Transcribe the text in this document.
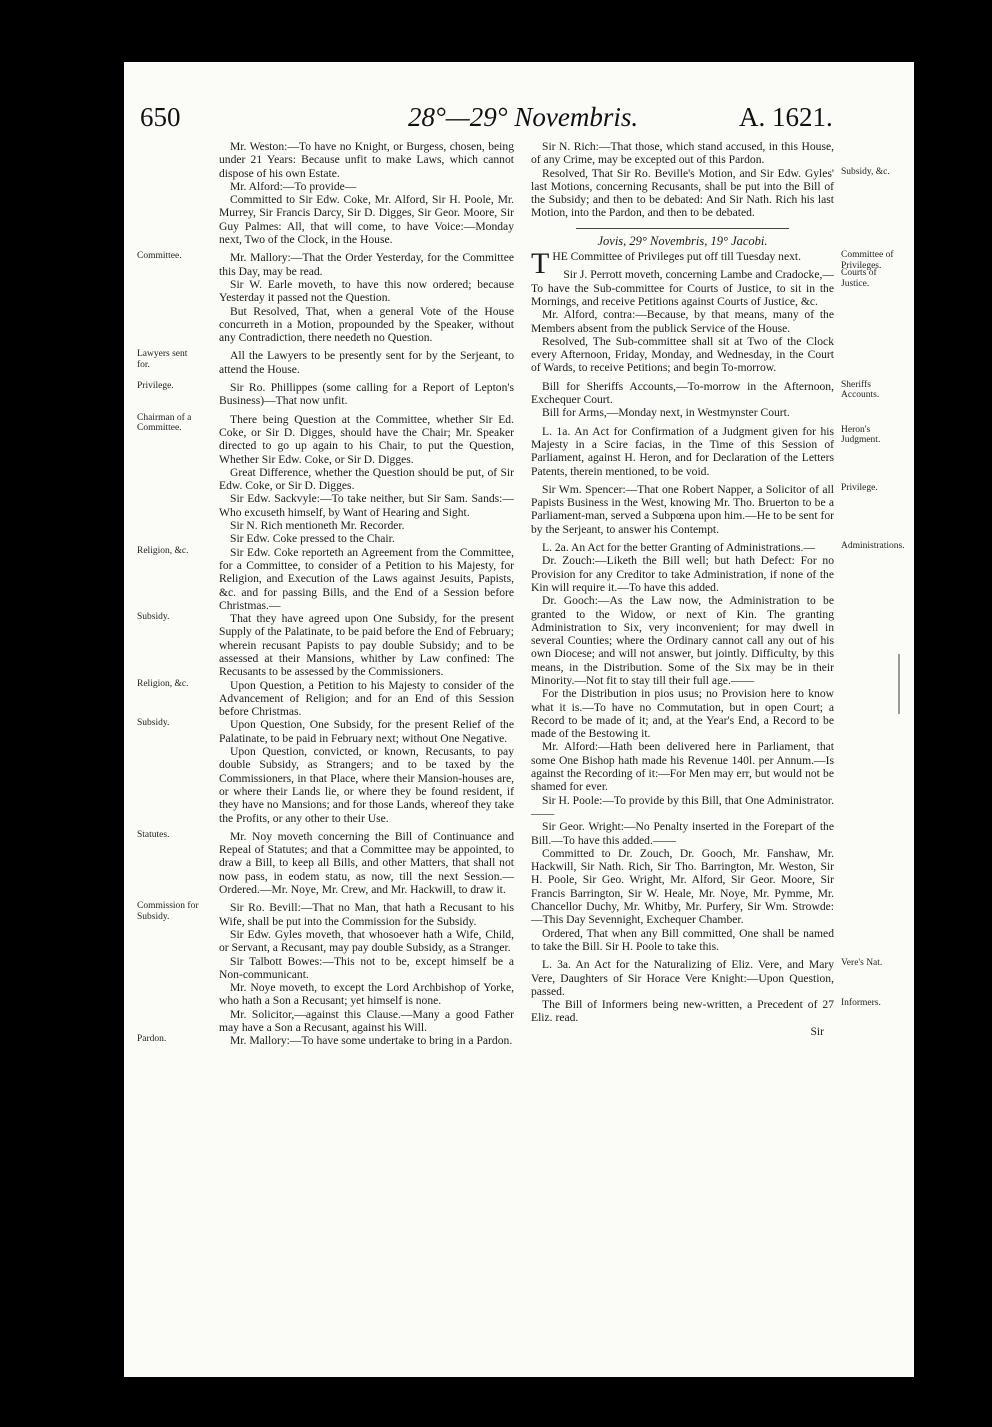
650	28°—29° Novembris.	A. 1621.
Mr. Weston:—To have no Knight, or Burgess, chosen, being under 21 Years: Because unfit to make Laws, which cannot dispose of his own Estate.
Mr. Alford:—To provide—
Committed to Sir Edw. Coke, Mr. Alford, Sir H. Poole, Mr. Murrey, Sir Francis Darcy, Sir D. Digges, Sir Geor. Moore, Sir Guy Palmes: All, that will come, to have Voice:—Monday next, Two of the Clock, in the House.
Committee.	Mr. Mallory:—That the Order Yesterday, for the Committee this Day, may be read.
Sir W. Earle moveth, to have this now ordered; because Yesterday it passed not the Question.
But Resolved, That, when a general Vote of the House concurreth in a Motion, propounded by the Speaker, without any Contradiction, there needeth no Question.
Lawyers sent for.
All the Lawyers to be presently sent for by the Serjeant, to attend the House.
Privilege.	Sir Ro. Phillippes (some calling for a Report of Lepton's Business)—That now unfit.
Chairman of a Committee.
There being Question at the Committee, whether Sir Ed. Coke, or Sir D. Digges, should have the Chair; Mr. Speaker directed to go up again to his Chair, to put the Question, Whether Sir Edw. Coke, or Sir D. Digges.
Great Difference, whether the Question should be put, of Sir Edw. Coke, or Sir D. Digges.
Sir Edw. Sackvyle:—To take neither, but Sir Sam. Sands:—Who excuseth himself, by Want of Hearing and Sight.
Sir N. Rich mentioneth Mr. Recorder.
Sir Edw. Coke pressed to the Chair.
Religion, &c.	Sir Edw. Coke reporteth an Agreement from the Committee, for a Committee, to consider of a Petition to his Majesty, for Religion, and Execution of the Laws against Jesuits, Papists, &c. and for passing Bills, and the End of a Session before Christmas.—
Subsidy.	That they have agreed upon One Subsidy, for the present Supply of the Palatinate, to be paid before the End of February; wherein recusant Papists to pay double Subsidy; and to be assessed at their Mansions, whither by Law confined: The Recusants to be assessed by the Commissioners.
Religion, &c.	Upon Question, a Petition to his Majesty to consider of the Advancement of Religion; and for an End of this Session before Christmas.
Subsidy.	Upon Question, One Subsidy, for the present Relief of the Palatinate, to be paid in February next; without One Negative.
Upon Question, convicted, or known, Recusants, to pay double Subsidy, as Strangers; and to be taxed by the Commissioners, in that Place, where their Mansion-houses are, or where their Lands lie, or where they be found resident, if they have no Mansions; and for those Lands, whereof they take the Profits, or any other to their Use.
Statutes.	Mr. Noy moveth concerning the Bill of Continuance and Repeal of Statutes; and that a Committee may be appointed, to draw a Bill, to keep all Bills, and other Matters, that shall not now pass, in eodem statu, as now, till the next Session.—Ordered.—Mr. Noye, Mr. Crew, and Mr. Hackwill, to draw it.
Commission for Subsidy.
Sir Ro. Bevill:—That no Man, that hath a Recusant to his Wife, shall be put into the Commission for the Subsidy.
Sir Edw. Gyles moveth, that whosoever hath a Wife, Child, or Servant, a Recusant, may pay double Subsidy, as a Stranger.
Sir Talbott Bowes:—This not to be, except himself be a Non-communicant.
Mr. Noye moveth, to except the Lord Archbishop of Yorke, who hath a Son a Recusant; yet himself is none.
Mr. Solicitor,—against this Clause.—Many a good Father may have a Son a Recusant, against his Will.
Pardon.	Mr. Mallory:—To have some undertake to bring in a Pardon.
Sir N. Rich:—That those, which stand accused, in this House, of any Crime, may be excepted out of this Pardon.
Subsidy, &c.
Resolved, That Sir Ro. Beville's Motion, and Sir Edw. Gyles' last Motions, concerning Recusants, shall be put into the Bill of the Subsidy; and then to be debated: And Sir Nath. Rich his last Motion, into the Pardon, and then to be debated.
Jovis, 29° Novembris, 19° Jacobi.
Committee of Privileges.
T HE Committee of Privileges put off till Tuesday next.
Courts of Justice.
Sir J. Perrott moveth, concerning Lambe and Cradocke,—To have the Sub-committee for Courts of Justice, to sit in the Mornings, and receive Petitions against Courts of Justice, &c.
Mr. Alford, contra:—Because, by that means, many of the Members absent from the publick Service of the House.
Resolved, The Sub-committee shall sit at Two of the Clock every Afternoon, Friday, Monday, and Wednesday, in the Court of Wards, to receive Petitions; and begin To-morrow.
Sheriffs Accounts.
Bill for Sheriffs Accounts,—To-morrow in the Afternoon, Exchequer Court.
Bill for Arms,—Monday next, in Westmynster Court.
Heron's Judgment.
L. 1a. An Act for Confirmation of a Judgment given for his Majesty in a Scire facias, in the Time of this Session of Parliament, against H. Heron, and for Declaration of the Letters Patents, therein mentioned, to be void.
Privilege.
Sir Wm. Spencer:—That one Robert Napper, a Solicitor of all Papists Business in the West, knowing Mr. Tho. Bruerton to be a Parliament-man, served a Subpœna upon him.—He to be sent for by the Serjeant, to answer his Contempt.
Administrations.
L. 2a. An Act for the better Granting of Administrations.—
Dr. Zouch:—Liketh the Bill well; but hath Defect: For no Provision for any Creditor to take Administration, if none of the Kin will require it.—To have this added.
Dr. Gooch:—As the Law now, the Administration to be granted to the Widow, or next of Kin. The granting Administration to Six, very inconvenient; for may dwell in several Counties; where the Ordinary cannot call any out of his own Diocese; and will not answer, but jointly. Difficulty, by this means, in the Distribution. Some of the Six may be in their Minority.—Not fit to stay till their full age.——
For the Distribution in pios usus; no Provision here to know what it is.—To have no Commutation, but in open Court; a Record to be made of it; and, at the Year's End, a Record to be made of the Bestowing it.
Mr. Alford:—Hath been delivered here in Parliament, that some One Bishop hath made his Revenue 140l. per Annum.—Is against the Recording of it:—For Men may err, but would not be shamed for ever.
Sir H. Poole:—To provide by this Bill, that One Administrator.——
Sir Geor. Wright:—No Penalty inserted in the Forepart of the Bill.—To have this added.——
Committed to Dr. Zouch, Dr. Gooch, Mr. Fanshaw, Mr. Hackwill, Sir Nath. Rich, Sir Tho. Barrington, Mr. Weston, Sir H. Poole, Sir Geo. Wright, Mr. Alford, Sir Geor. Moore, Sir Francis Barrington, Sir W. Heale, Mr. Noye, Mr. Pymme, Mr. Chancellor Duchy, Mr. Whitby, Mr. Purfery, Sir Wm. Strowde:—This Day Sevennight, Exchequer Chamber.
Ordered, That when any Bill committed, One shall be named to take the Bill. Sir H. Poole to take this.
Vere's Nat.
L. 3a. An Act for the Naturalizing of Eliz. Vere, and Mary Vere, Daughters of Sir Horace Vere Knight:—Upon Question, passed.
Informers.
The Bill of Informers being new-written, a Precedent of 27 Eliz. read.
Sir
